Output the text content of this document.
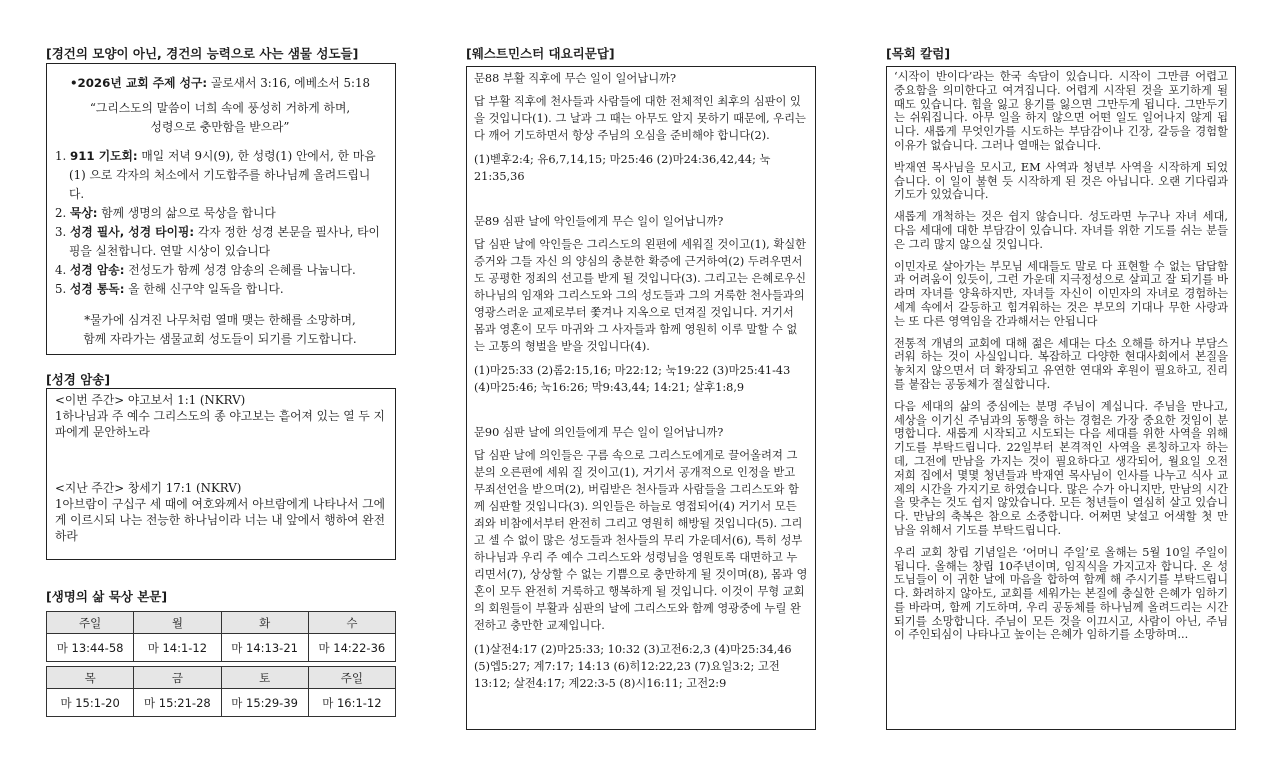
[경건의 모양이 아닌, 경건의 능력으로 사는 샘물 성도들]

•2026년 교회 주제 성구: 골로새서 3:16, 에베소서 5:18

“그리스도의 말씀이 너희 속에 풍성히 거하게 하며,

성령으로 충만함을 받으라”

1. 911 기도회: 매일 저녁 9시(9), 한 성령(1) 안에서, 한 마음(1) 으로 각자의 처소에서 기도합주를 하나님께 올려드립니다.
2. 묵상: 함께 생명의 삶으로 묵상을 합니다
3. 성경 필사, 성경 타이핑: 각자 정한 성경 본문을 필사나, 타이핑을 실천합니다. 연말 시상이 있습니다
4. 성경 암송: 전성도가 함께 성경 암송의 은혜를 나눕니다.
5. 성경 통독: 올 한해 신구약 일독을 합니다.

*물가에 심겨진 나무처럼 열매 맺는 한해를 소망하며,

함께 자라가는 샘물교회 성도들이 되기를 기도합니다.

[성경 암송]

<이번 주간> 야고보서 1:1 (NKRV)

1하나님과 주 예수 그리스도의 종 야고보는 흩어져 있는 열 두 지파에게 문안하노라

<지난 주간> 창세기 17:1 (NKRV)

1아브람이 구십구 세 때에 여호와께서 아브람에게 나타나서 그에게 이르시되 나는 전능한 하나님이라 너는 내 앞에서 행하여 완전하라

[생명의 삶 묵상 본문]
주일	월	화	수
마 13:44-58	마 14:1-12	마 14:13-21	마 14:22-36

목	금	토	주일
마 15:1-20	마 15:21-28	마 15:29-39	마 16:1-12
[웨스트민스터 대요리문답]

문88 부활 직후에 무슨 일이 일어납니까?

답 부활 직후에 천사들과 사람들에 대한 전체적인 최후의 심판이 있을 것입니다(1). 그 날과 그 때는 아무도 알지 못하기 때문에, 우리는 다 깨어 기도하면서 항상 주님의 오심을 준비해야 합니다(2).

(1)벧후2:4; 유6,7,14,15; 마25:46 (2)마24:36,42,44; 눅21:35,36

문89 심판 날에 악인들에게 무슨 일이 일어납니까?

답 심판 날에 악인들은 그리스도의 왼편에 세워질 것이고(1), 확실한 증거와 그들 자신 의 양심의 충분한 확증에 근거하여(2) 두려우면서도 공평한 정죄의 선고를 받게 될 것입니다(3). 그리고는 은혜로우신 하나님의 임재와 그리스도와 그의 성도들과 그의 거룩한 천사들과의 영광스러운 교제로부터 쫓겨나 지옥으로 던져질 것입니다. 거기서 몸과 영혼이 모두 마귀와 그 사자들과 함께 영원히 이루 말할 수 없는 고통의 형벌을 받을 것입니다(4).

(1)마25:33 (2)롬2:15,16; 마22:12; 눅19:22 (3)마25:41-43 (4)마25:46; 눅16:26; 막9:43,44; 14:21; 살후1:8,9

문90 심판 날에 의인들에게 무슨 일이 일어납니까?

답 심판 날에 의인들은 구름 속으로 그리스도에게로 끌어올려져 그분의 오른편에 세워 질 것이고(1), 거기서 공개적으로 인정을 받고 무죄선언을 받으며(2), 버림받은 천사들과 사람들을 그리스도와 함께 심판할 것입니다(3). 의인들은 하늘로 영접되어(4) 거기서 모든 죄와 비참에서부터 완전히 그리고 영원히 해방될 것입니다(5). 그리고 셀 수 없이 많은 성도들과 천사들의 무리 가운데서(6), 특히 성부 하나님과 우리 주 예수 그리스도와 성령님을 영원토록 대면하고 누리면서(7), 상상할 수 없는 기쁨으로 충만하게 될 것이며(8), 몸과 영혼이 모두 완전히 거룩하고 행복하게 될 것입니다. 이것이 무형 교회의 회원들이 부활과 심판의 날에 그리스도와 함께 영광중에 누릴 완전하고 충만한 교제입니다.

(1)살전4:17 (2)마25:33; 10:32 (3)고전6:2,3 (4)마25:34,46 (5)엡5:27; 계7:17; 14:13 (6)히12:22,23 (7)요일3:2; 고전13:12; 살전4:17; 계22:3-5 (8)시16:11; 고전2:9

[목회 칼럼]

‘시작이 반이다’라는 한국 속담이 있습니다. 시작이 그만큼 어렵고 중요함을 의미한다고 여겨집니다. 어렵게 시작된 것을 포기하게 될 때도 있습니다. 힘을 잃고 용기를 잃으면 그만두게 됩니다. 그만두기는 쉬워집니다. 아무 일을 하지 않으면 어떤 일도 일어나지 않게 됩니다. 새롭게 무엇인가를 시도하는 부담감이나 긴장, 갈등을 경험할 이유가 없습니다. 그러나 열매는 없습니다.

박재연 목사님을 모시고, EM 사역과 청년부 사역을 시작하게 되었습니다. 이 일이 불현 듯 시작하게 된 것은 아닙니다. 오랜 기다림과 기도가 있었습니다.

새롭게 개척하는 것은 쉽지 않습니다. 성도라면 누구나 자녀 세대, 다음 세대에 대한 부담감이 있습니다. 자녀를 위한 기도를 쉬는 분들은 그리 많지 않으실 것입니다.

이민자로 살아가는 부모님 세대들도 말로 다 표현할 수 없는 답답함과 어려움이 있듯이, 그런 가운데 지극정성으로 살피고 잘 되기를 바라며 자녀를 양육하지만, 자녀들 자신이 이민자의 자녀로 경험하는 세계 속에서 갈등하고 힘겨워하는 것은 부모의 기대나 무한 사랑과는 또 다른 영역임을 간과해서는 안됩니다

전통적 개념의 교회에 대해 젊은 세대는 다소 오해를 하거나 부담스러워 하는 것이 사실입니다. 복잡하고 다양한 현대사회에서 본질을 놓치지 않으면서 더 확장되고 유연한 연대와 후원이 필요하고, 진리를 붙잡는 공동체가 절실합니다.

다음 세대의 삶의 중심에는 분명 주님이 계십니다. 주님을 만나고, 세상을 이기신 주님과의 동행을 하는 경험은 가장 중요한 것임이 분명합니다. 새롭게 시작되고 시도되는 다음 세대를 위한 사역을 위해 기도를 부탁드립니다. 22일부터 본격적인 사역을 론칭하고자 하는데, 그전에 만남을 가지는 것이 필요하다고 생각되어, 월요일 오전 저희 집에서 몇몇 청년들과 박재연 목사님이 인사를 나누고 식사 교제의 시간을 가지기로 하였습니다. 많은 수가 아니지만, 만남의 시간을 맞추는 것도 쉽지 않았습니다. 모든 청년들이 열심히 살고 있습니다. 만남의 축복은 참으로 소중합니다. 어쩌면 낯설고 어색할 첫 만남을 위해서 기도를 부탁드립니다.

우리 교회 창립 기념일은 ‘어머니 주일’로 올해는 5월 10일 주일이 됩니다. 올해는 창립 10주년이며, 임직식을 가지고자 합니다. 온 성도님들이 이 귀한 날에 마음을 합하여 함께 해 주시기를 부탁드립니다. 화려하지 않아도, 교회를 세워가는 본질에 충실한 은혜가 임하기를 바라며, 함께 기도하며, 우리 공동체를 하나님께 올려드리는 시간 되기를 소망합니다. 주님이 모든 것을 이끄시고, 사람이 아닌, 주님이 주인되심이 나타나고 높이는 은혜가 임하기를 소망하며...
